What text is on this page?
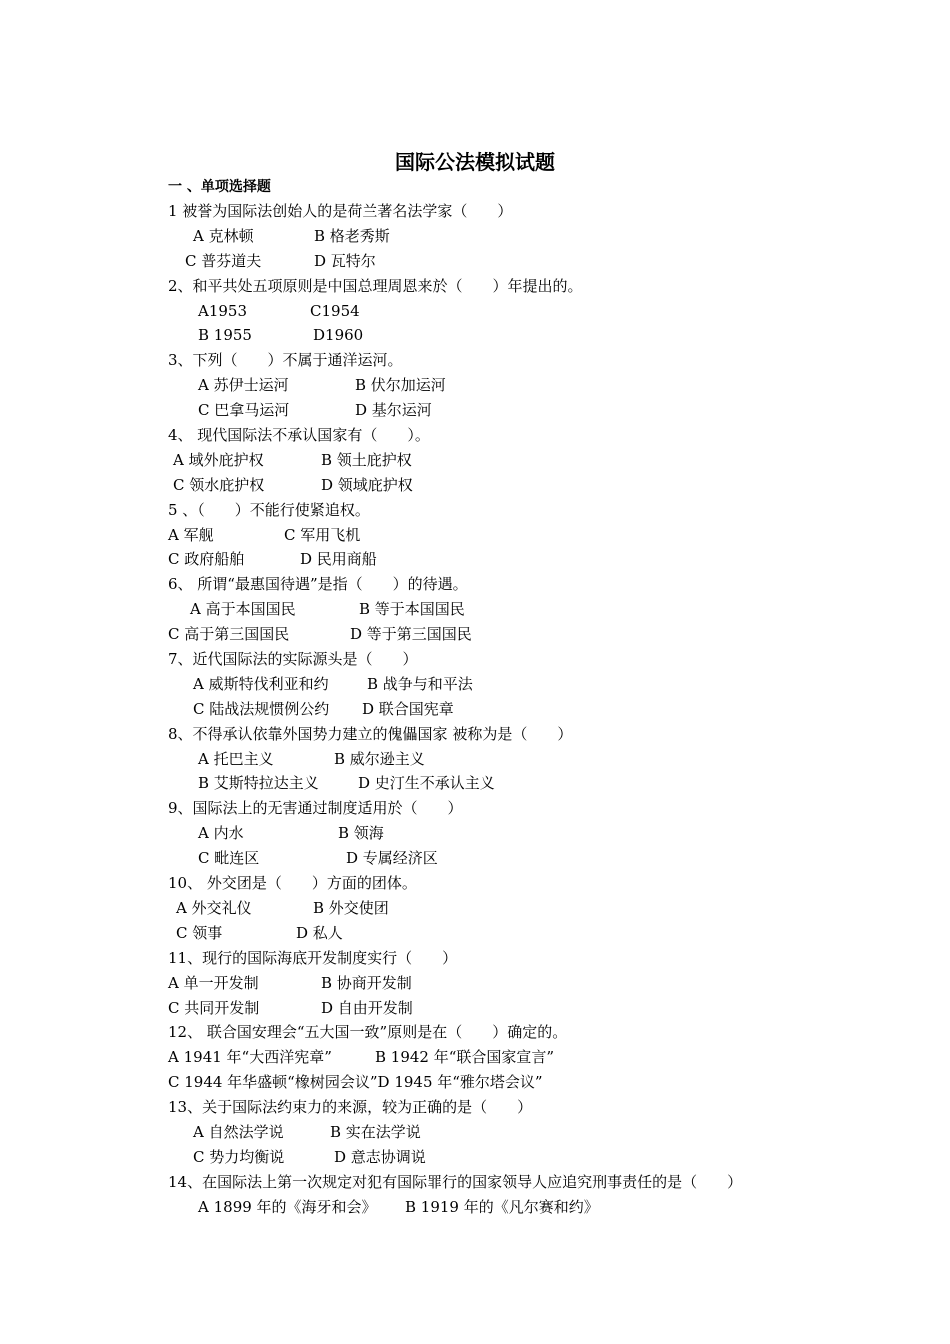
国际公法模拟试题
一 、单项选择题
1 被誉为国际法创始人的是荷兰著名法学家（　　）
A 克林顿	B 格老秀斯
C 普芬道夫	D 瓦特尔
2、和平共处五项原则是中国总理周恩来於（　　）年提出的。
A1953	C1954
B 1955	D1960
3、下列（　　）不属于通洋运河。
A 苏伊士运河	B 伏尔加运河
C 巴拿马运河	D 基尔运河
4、 现代国际法不承认国家有（　　）。
A 域外庇护权	B 领土庇护权
C 领水庇护权	D 领域庇护权
5 、（　　）不能行使紧追权。
A 军舰	C 军用飞机
C 政府船舶	D 民用商船
6、 所谓“最惠国待遇”是指（　　）的待遇。
A 高于本国国民	B 等于本国国民
C 高于第三国国民	D 等于第三国国民
7、近代国际法的实际源头是（　　）
A 威斯特伐利亚和约	B 战争与和平法
C 陆战法规惯例公约 D 联合国宪章
8、不得承认依靠外国势力建立的傀儡国家 被称为是（　　）
A 托巴主义	B 威尔逊主义
B 艾斯特拉达主义	D 史汀生不承认主义
9、国际法上的无害通过制度适用於（　　）
A 内水	B 领海
C 毗连区	D 专属经济区
10、 外交团是（　　）方面的团体。
A 外交礼仪	B 外交使团
C 领事	D 私人
11、现行的国际海底开发制度实行（　　）
A 单一开发制	B 协商开发制
C 共同开发制	D 自由开发制
12、 联合国安理会“五大国一致”原则是在（　　）确定的。
A 1941 年“大西洋宪章”	B 1942 年“联合国家宣言”
C 1944 年华盛顿“橡树园会议”D 1945 年“雅尔塔会议”
13、关于国际法约束力的来源，较为正确的是（　　）
A 自然法学说	B 实在法学说
C 势力均衡说	D 意志协调说
14、在国际法上第一次规定对犯有国际罪行的国家领导人应追究刑事责任的是（　　）
A 1899 年的《海牙和会》 B 1919 年的《凡尔赛和约》
